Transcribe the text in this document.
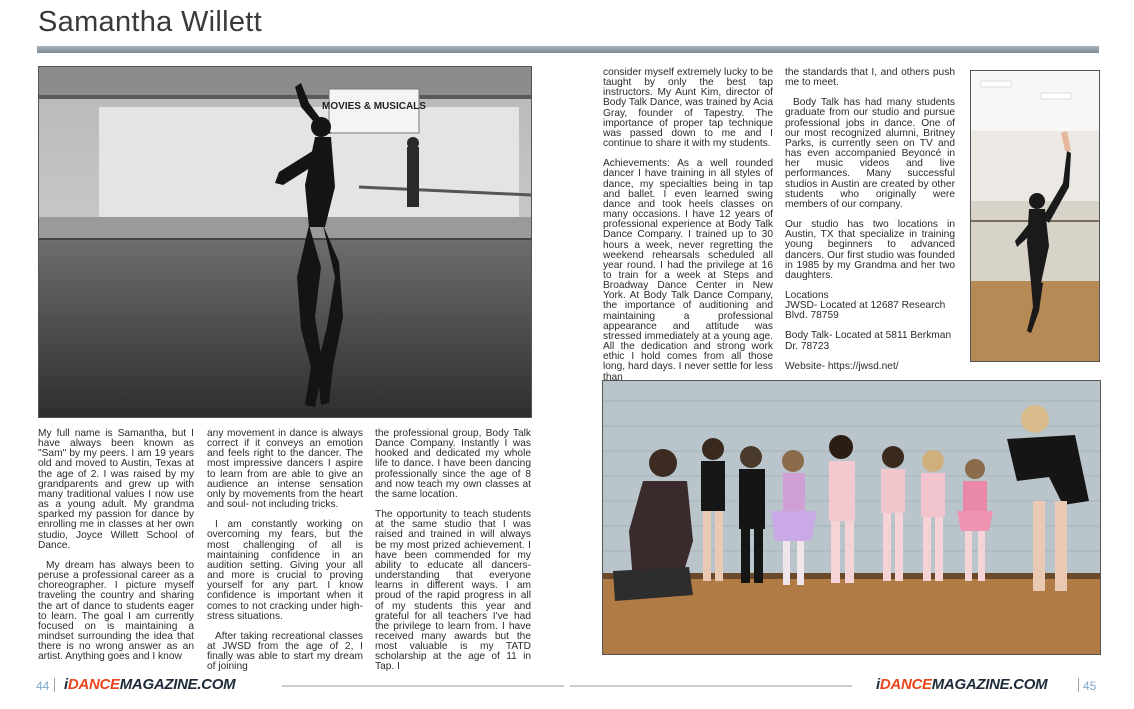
Samantha Willett
MOVIES & MUSICALS

My full name is Samantha, but I have always been known as "Sam" by my peers. I am 19 years old and moved to Austin, Texas at the age of 2. I was raised by my grandparents and grew up with many traditional values I now use as a young adult. My grandma sparked my passion for dance by enrolling me in classes at her own studio, Joyce Willett School of Dance.

My dream has always been to peruse a professional career as a choreographer. I picture myself traveling the country and sharing the art of dance to students eager to learn. The goal I am currently focused on is maintaining a mindset surrounding the idea that there is no wrong answer as an artist. Anything goes and I know

any movement in dance is always correct if it conveys an emotion and feels right to the dancer. The most impressive dancers I aspire to learn from are able to give an audience an intense sensation only by movements from the heart and soul- not including tricks.

I am constantly working on overcoming my fears, but the most challenging of all is maintaining confidence in an audition setting. Giving your all and more is crucial to proving yourself for any part. I know confidence is important when it comes to not cracking under high-stress situations.

After taking recreational classes at JWSD from the age of 2, I finally was able to start my dream of joining

the professional group, Body Talk Dance Company. Instantly I was hooked and dedicated my whole life to dance. I have been dancing professionally since the age of 8 and now teach my own classes at the same location.

The opportunity to teach students at the same studio that I was raised and trained in will always be my most prized achievement. I have been commended for my ability to educate all dancers- understanding that everyone learns in different ways. I am proud of the rapid progress in all of my students this year and grateful for all teachers I've had the privilege to learn from. I have received many awards but the most valuable is my TATD scholarship at the age of 11 in Tap. I

consider myself extremely lucky to be taught by only the best tap instructors. My Aunt Kim, director of Body Talk Dance, was trained by Acia Gray, founder of Tapestry. The importance of proper tap technique was passed down to me and I continue to share it with my students.

Achievements: As a well rounded dancer I have training in all styles of dance, my specialties being in tap and ballet. I even learned swing dance and took heels classes on many occasions. I have 12 years of professional experience at Body Talk Dance Company. I trained up to 30 hours a week, never regretting the weekend rehearsals scheduled all year round. I had the privilege at 16 to train for a week at Steps and Broadway Dance Center in New York. At Body Talk Dance Company, the importance of auditioning and maintaining a professional appearance and attitude was stressed immediately at a young age. All the dedication and strong work ethic I hold comes from all those long, hard days. I never settle for less than

the standards that I, and others push me to meet.

Body Talk has had many students graduate from our studio and pursue professional jobs in dance. One of our most recognized alumni, Britney Parks, is currently seen on TV and has even accompanied Beyoncé in her music videos and live performances. Many successful studios in Austin are created by other students who originally were members of our company.

Our studio has two locations in Austin, TX that specialize in training young beginners to advanced dancers. Our first studio was founded in 1985 by my Grandma and her two daughters.

Locations
JWSD- Located at 12687 Research Blvd. 78759

Body Talk- Located at 5811 Berkman Dr. 78723

Website- https://jwsd.net/

44 iDANCEMAGAZINE.COM	iDANCEMAGAZINE.COM	45
